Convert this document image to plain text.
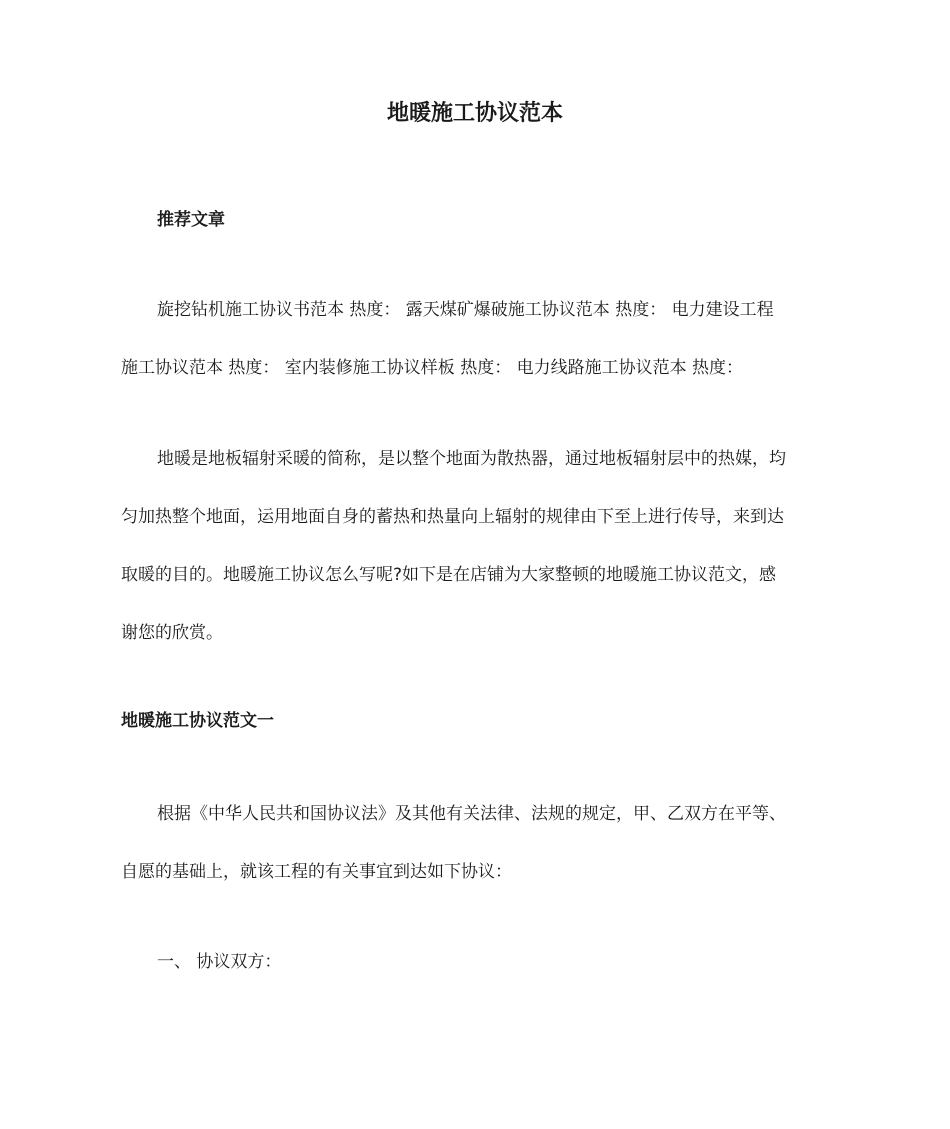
地暖施工协议范本
推荐文章
旋挖钻机施工协议书范本 热度： 露天煤矿爆破施工协议范本 热度： 电力建设工程
施工协议范本 热度： 室内装修施工协议样板 热度： 电力线路施工协议范本 热度：
地暖是地板辐射采暖的简称，是以整个地面为散热器，通过地板辐射层中的热媒，均
匀加热整个地面，运用地面自身的蓄热和热量向上辐射的规律由下至上进行传导，来到达
取暖的目的。地暖施工协议怎么写呢?如下是在店铺为大家整顿的地暖施工协议范文，感
谢您的欣赏。
地暖施工协议范文一
根据《中华人民共和国协议法》及其他有关法律、法规的规定，甲、乙双方在平等、
自愿的基础上，就该工程的有关事宜到达如下协议：

一、 协议双方：
